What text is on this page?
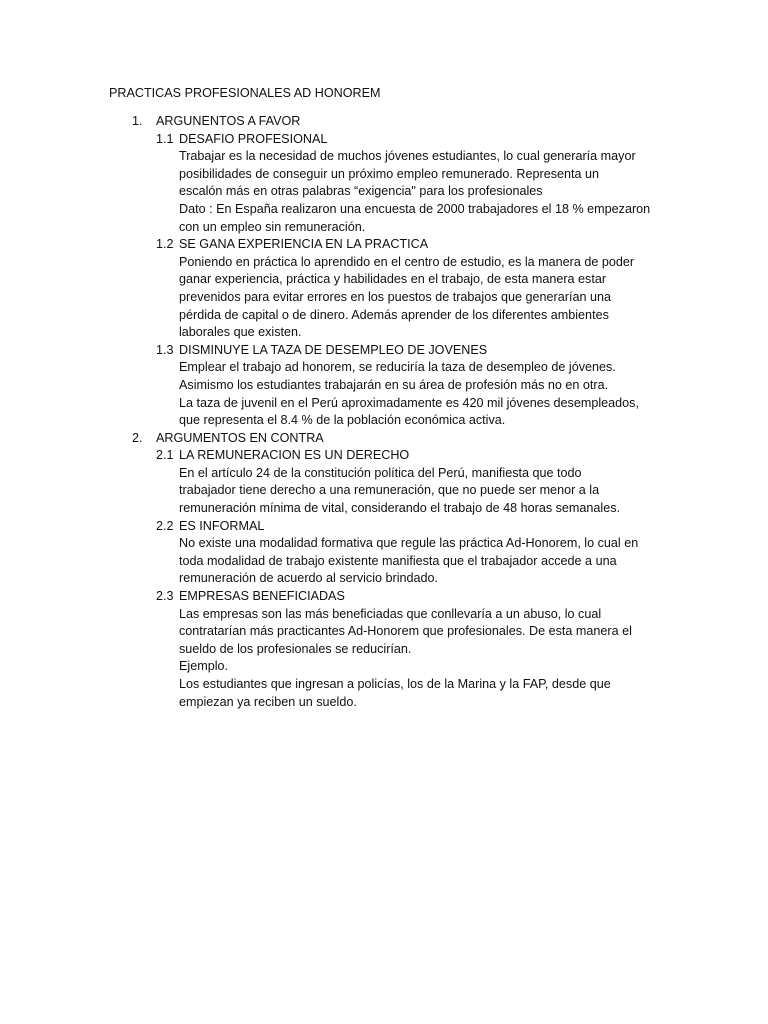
PRACTICAS PROFESIONALES AD HONOREM
1. ARGUNENTOS A FAVOR
1.1 DESAFIO PROFESIONAL
Trabajar es la necesidad de muchos jóvenes estudiantes, lo cual generaría mayor
posibilidades de conseguir un próximo empleo remunerado. Representa un
escalón más en otras palabras “exigencia" para los profesionales
Dato : En España realizaron una encuesta de 2000 trabajadores el 18 % empezaron
con un empleo sin remuneración.
1.2 SE GANA EXPERIENCIA EN LA PRACTICA
Poniendo en práctica lo aprendido en el centro de estudio, es la manera de poder
ganar experiencia, práctica y habilidades en el trabajo, de esta manera estar
prevenidos para evitar errores en los puestos de trabajos que generarían una
pérdida de capital o de dinero. Además aprender de los diferentes ambientes
laborales que existen.
1.3 DISMINUYE LA TAZA DE DESEMPLEO DE JOVENES
Emplear el trabajo ad honorem, se reduciría la taza de desempleo de jóvenes.
Asimismo los estudiantes trabajarán en su área de profesión más no en otra.
La taza de juvenil en el Perú aproximadamente es 420 mil jóvenes desempleados,
que representa el 8.4 % de la población económica activa.
2. ARGUMENTOS EN CONTRA
2.1 LA REMUNERACION ES UN DERECHO
En el artículo 24 de la constitución política del Perú, manifiesta que todo
trabajador tiene derecho a una remuneración, que no puede ser menor a la
remuneración mínima de vital, considerando el trabajo de 48 horas semanales.
2.2 ES INFORMAL
No existe una modalidad formativa que regule las práctica Ad-Honorem, lo cual en
toda modalidad de trabajo existente manifiesta que el trabajador accede a una
remuneración de acuerdo al servicio brindado.
2.3 EMPRESAS BENEFICIADAS
Las empresas son las más beneficiadas que conllevaría a un abuso, lo cual
contratarían más practicantes Ad-Honorem que profesionales. De esta manera el
sueldo de los profesionales se reducirían.
Ejemplo.
Los estudiantes que ingresan a policías, los de la Marina y la FAP, desde que
empiezan ya reciben un sueldo.
